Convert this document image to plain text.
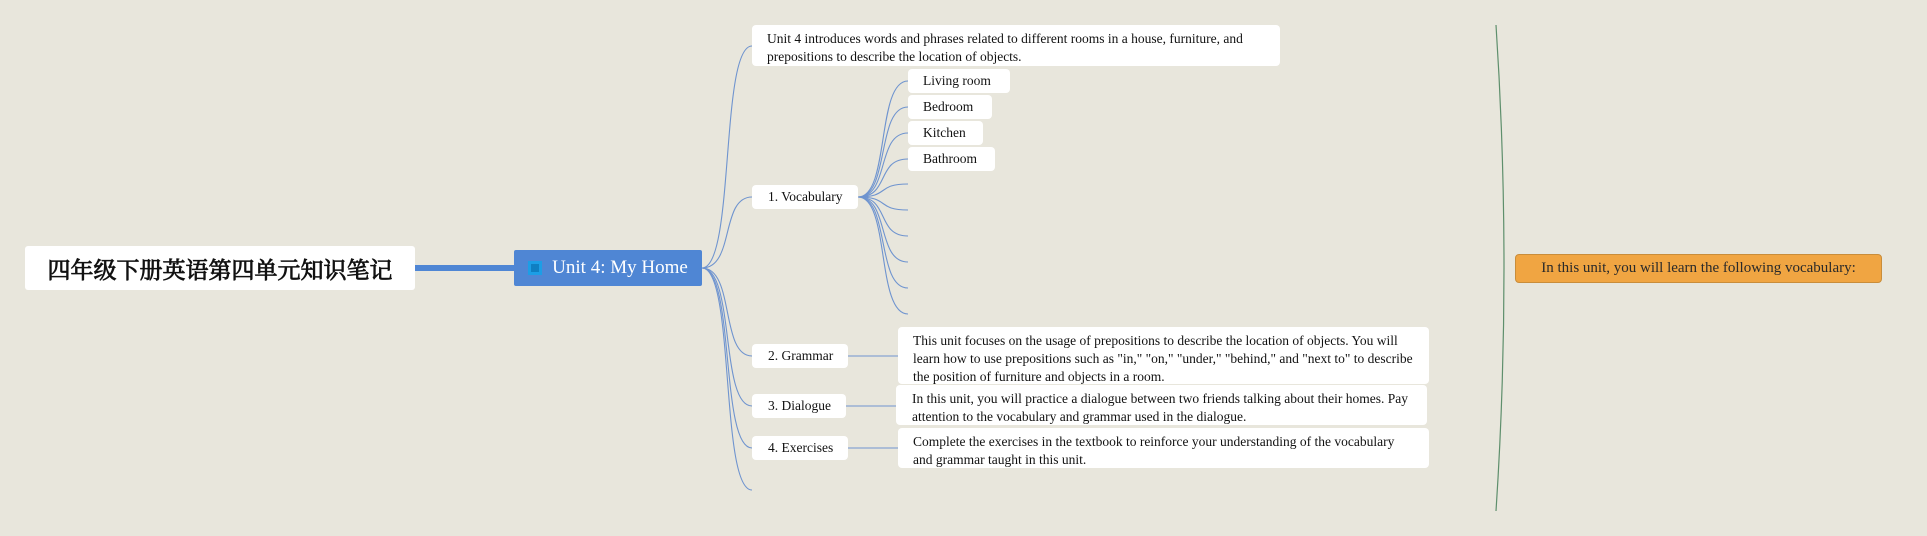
四年级下册英语第四单元知识笔记	Unit 4: My Home
Unit 4 introduces words and phrases related to different rooms in a house, furniture, and prepositions to describe the location of objects.
1. Vocabulary
Living room
Bedroom
Kitchen
Bathroom
2. Grammar
This unit focuses on the usage of prepositions to describe the location of objects. You will learn how to use prepositions such as "in," "on," "under," "behind," and "next to" to describe the position of furniture and objects in a room.
3. Dialogue	In this unit, you will practice a dialogue between two friends talking about their homes. Pay attention to the vocabulary and grammar used in the dialogue.
4. Exercises	Complete the exercises in the textbook to reinforce your understanding of the vocabulary and grammar taught in this unit.
In this unit, you will learn the following vocabulary:
